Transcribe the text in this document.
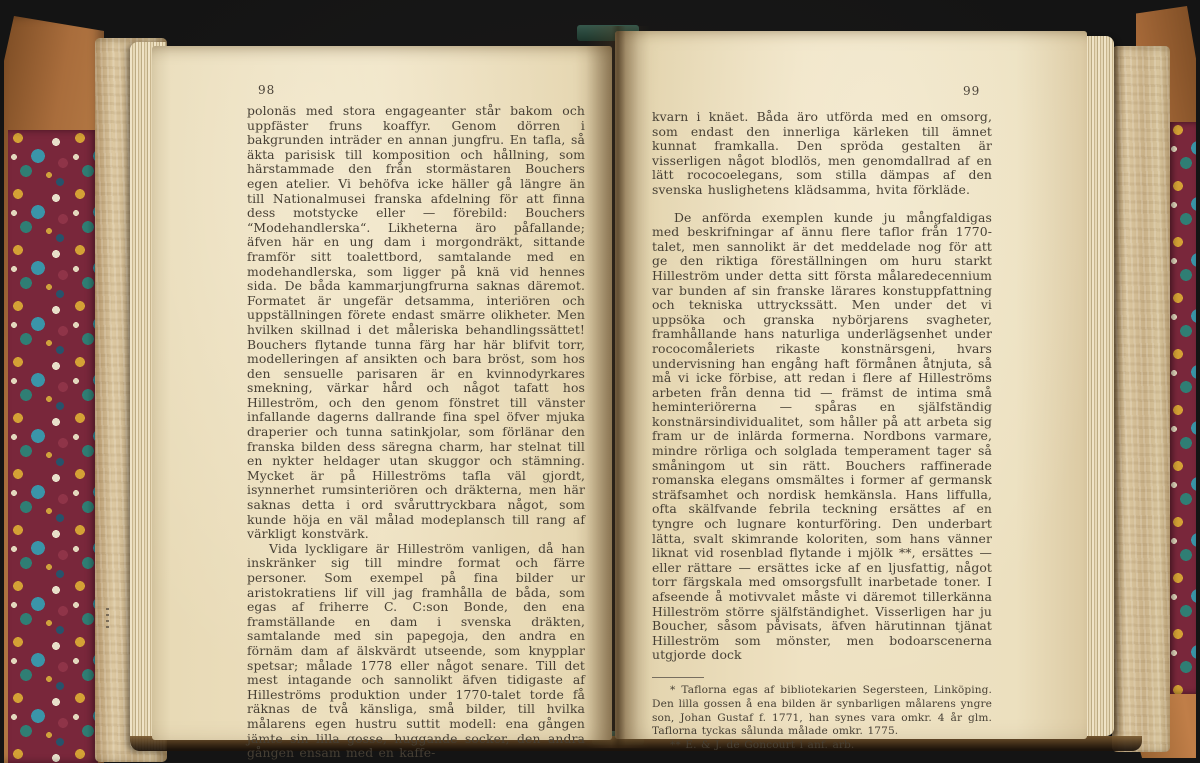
98

polonäs med stora engageanter står bakom och uppfäster fruns koaffyr. Genom dörren i bakgrunden inträder en annan jungfru. En tafla, så äkta parisisk till komposition och hållning, som härstammade den från stormästaren Bouchers egen atelier. Vi behöfva icke häller gå längre än till Nationalmusei franska afdelning för att finna dess motstycke eller — förebild: Bouchers “Modehandlerska“. Likheterna äro påfallande; äfven här en ung dam i morgondräkt, sittande framför sitt toalettbord, samtalande med en modehandlerska, som ligger på knä vid hennes sida. De båda kammarjungfrurna saknas däremot. Formatet är ungefär detsamma, interiören och uppställningen förete endast smärre olikheter. Men hvilken skillnad i det måleriska behandlingssättet! Bouchers flytande tunna färg har här blifvit torr, modelleringen af ansikten och bara bröst, som hos den sensuelle parisaren är en kvinnodyrkares smekning, värkar hård och något tafatt hos Hilleström, och den genom fönstret till vänster infallande dagerns dallrande fina spel öfver mjuka draperier och tunna satinkjolar, som förlänar den franska bilden dess säregna charm, har stelnat till en nykter heldager utan skuggor och stämning. Mycket är på Hilleströms tafla väl gjordt, isynnerhet rumsinteriören och dräkterna, men här saknas detta i ord svåruttryckbara något, som kunde höja en väl målad modeplansch till rang af värkligt konstvärk.

Vida lyckligare är Hilleström vanligen, då han inskränker sig till mindre format och färre personer. Som exempel på fina bilder ur aristokratiens lif vill jag framhålla de båda, som egas af friherre C. C:son Bonde, den ena framställande en dam i svenska dräkten, samtalande med sin papegoja, den andra en förnäm dam af älskvärdt utseende, som knypplar spetsar; målade 1778 eller något senare. Till det mest intagande och sannolikt äfven tidigaste af Hilleströms produktion under 1770-talet torde få räknas de två känsliga, små bilder, till hvilka målarens egen hustru suttit modell: ena gången jämte sin lilla gosse, huggande socker, den andra gången ensam med en kaffe-

99

kvarn i knäet. Båda äro utförda med en omsorg, som endast den innerliga kärleken till ämnet kunnat framkalla. Den spröda gestalten är visserligen något blodlös, men genomdallrad af en lätt rococoelegans, som stilla dämpas af den svenska huslighetens klädsamma, hvita förkläde.

De anförda exemplen kunde ju mångfaldigas med beskrifningar af ännu flere taflor från 1770-talet, men sannolikt är det meddelade nog för att ge den riktiga föreställningen om huru starkt Hilleström under detta sitt första målaredecennium var bunden af sin franske lärares konstuppfattning och tekniska uttryckssätt. Men under det vi uppsöka och granska nybörjarens svagheter, framhållande hans naturliga underlägsenhet under rococomåleriets rikaste konstnärsgeni, hvars undervisning han engång haft förmånen åtnjuta, så må vi icke förbise, att redan i flere af Hilleströms arbeten från denna tid — främst de intima små heminteriörerna — spåras en själfständig konstnärsindividualitet, som håller på att arbeta sig fram ur de inlärda formerna. Nordbons varmare, mindre rörliga och solglada temperament tager så småningom ut sin rätt. Bouchers raffinerade romanska elegans omsmältes i former af germansk sträfsamhet och nordisk hemkänsla. Hans liffulla, ofta skälfvande febrila teckning ersättes af en tyngre och lugnare konturföring. Den underbart lätta, svalt skimrande koloriten, som hans vänner liknat vid rosenblad flytande i mjölk **, ersättes — eller rättare — ersättes icke af en ljusfattig, något torr färgskala med omsorgsfullt inarbetade toner. I afseende å motivvalet måste vi däremot tillerkänna Hilleström större själfständighet. Visserligen har ju Boucher, såsom påvisats, äfven härutinnan tjänat Hilleström som mönster, men bodoarscenerna utgjorde dock

* Taflorna egas af bibliotekarien Segersteen, Linköping. Den lilla gossen å ena bilden är synbarligen målarens yngre son, Johan Gustaf f. 1771, han synes vara omkr. 4 år glm. Taflorna tyckas sålunda målade omkr. 1775.

** E. & J. de Goncourt i anf. arb.
